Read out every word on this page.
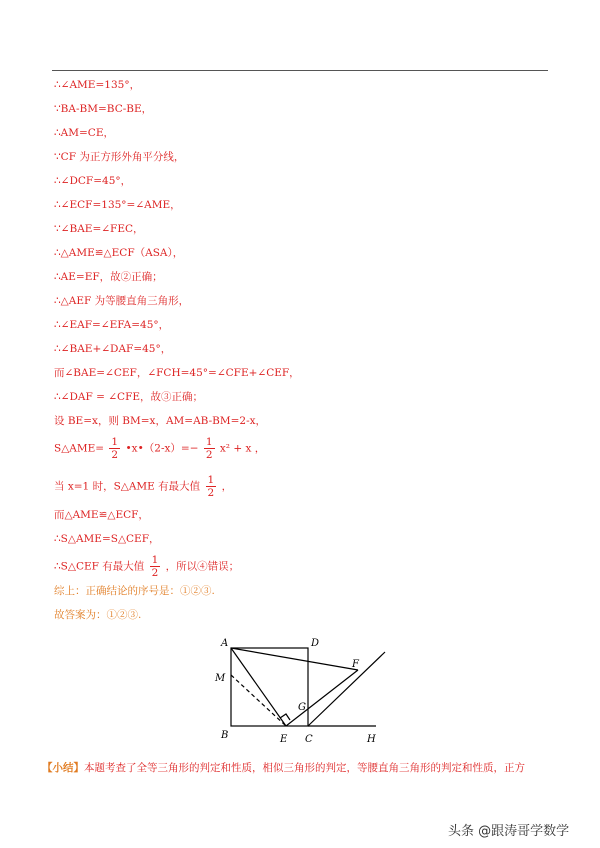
∴∠AME=135°，
∵BA-BM=BC-BE，
∴AM=CE，
∵CF 为正方形外角平分线，
∴∠DCF=45°，
∴∠ECF=135°=∠AME，
∵∠BAE=∠FEC，
∴△AME≌△ECF（ASA），
∴AE=EF，故②正确；
∴△AEF 为等腰直角三角形，
∴∠EAF=∠EFA=45°，
∴∠BAE+∠DAF=45°，
而∠BAE=∠CEF，∠FCH=45°=∠CFE+∠CEF，
∴∠DAF = ∠CFE，故③正确；
设 BE=x，则 BM=x，AM=AB-BM=2-x，
S△AME= $\frac{1}{2}$ •x•（2-x）=− $\frac{1}{2} x^2 + x$ ，
当 x=1 时，S△AME 有最大值 $\frac{1}{2}$ ，
而△AME≌△ECF，
∴S△AME=S△CEF，
∴S△CEF 有最大值 $\frac{1}{2}$ ，所以④错误；
综上：正确结论的序号是：①②③.
故答案为：①②③.
A	D
M
F
G
B	E C	H
【小结】本题考查了全等三角形的判定和性质，相似三角形的判定，等腰直角三角形的判定和性质，正方
头条 @跟涛哥学数学
